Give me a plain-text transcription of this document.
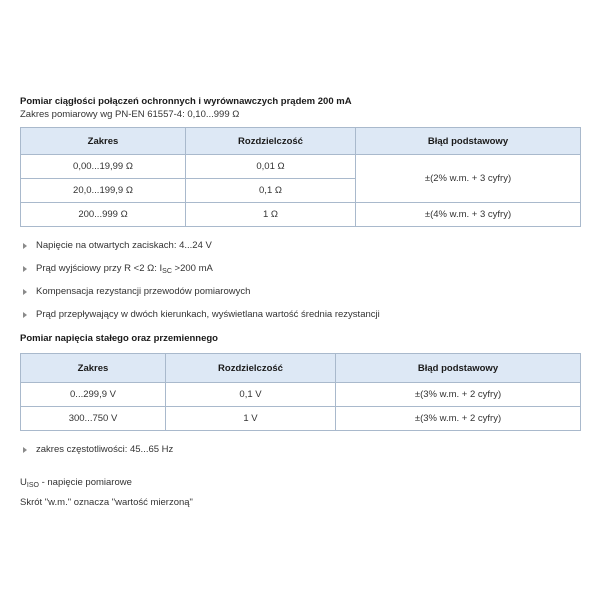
Pomiar ciągłości połączeń ochronnych i wyrównawczych prądem 200 mA
Zakres pomiarowy wg PN-EN 61557-4: 0,10...999 Ω
Zakres	Rozdzielczość	Błąd podstawowy
0,00...19,99 Ω	0,01 Ω	±(2% w.m. + 3 cyfry)
20,0...199,9 Ω	0,1 Ω	
200...999 Ω	1 Ω	±(4% w.m. + 3 cyfry)
Napięcie na otwartych zaciskach: 4...24 V
Prąd wyjściowy przy R <2 Ω: $I_{SC} >200$ mA
Kompensacja rezystancji przewodów pomiarowych
Prąd przepływający w dwóch kierunkach, wyświetlana wartość średnia rezystancji
Pomiar napięcia stałego oraz przemiennego
Zakres	Rozdzielczość	Błąd podstawowy
0...299,9 V	0,1 V	±(3% w.m. + 2 cyfry)
300...750 V	1 V	±(3% w.m. + 2 cyfry)
zakres częstotliwości: 45...65 Hz
$U_{ISO}$ - napięcie pomiarowe
Skrót "w.m." oznacza "wartość mierzoną"
